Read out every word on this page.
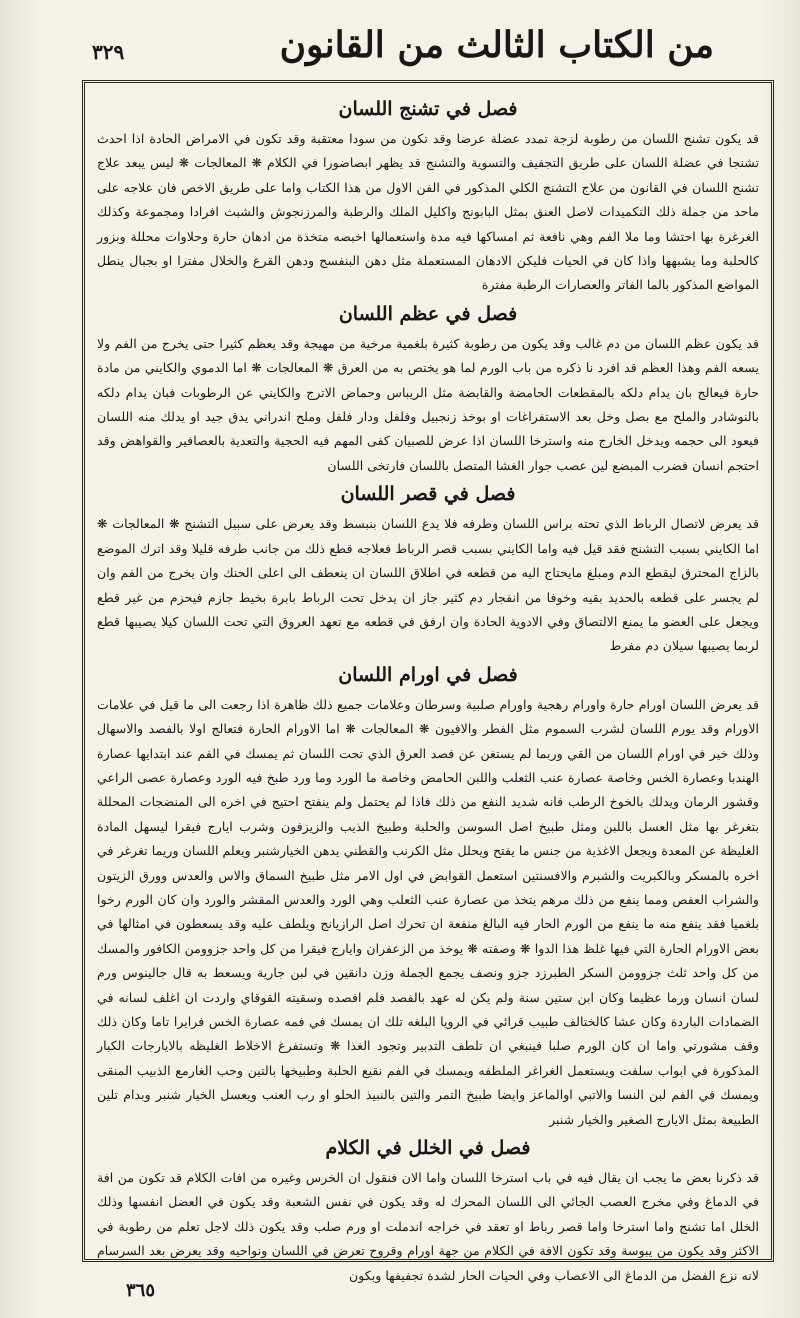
من الكتاب الثالث من القانون
٣٢٩
فصل في تشنج اللسان

قد يكون تشنج اللسان من رطوبة لزجة تمدد عضلة عرضا وقد تكون من سودا معتقبة وقد تكون في الامراض الحادة اذا احدث تشنجا في عضلة اللسان على طريق التجفيف والتسوية والتشنج قد يظهر ابصاضورا في الكلام ❋ المعالجات ❋ ليس يبعد علاج تشنج اللسان في القانون من علاج التشنج الكلي المذكور في الفن الاول من هذا الكتاب واما على طريق الاخص فان علاجه على ماحد من جملة ذلك التكميدات لاصل العنق بمثل البابونج واكليل الملك والرطبة والمرزنجوش والشبث افرادا ومجموعة وكذلك الغرغرة بها احتشا وما ملا الفم وهي نافعة ثم امساكها فيه مدة واستعمالها اخبصه متخذة من ادهان حارة وحلاوات محللة وبزور كالحلبة وما يشبهها واذا كان في الحيات فليكن الادهان المستعملة مثل دهن البنفسج ودهن القرع والخلال مفترا او بجبال ينطل المواضع المذكور بالما الفاتر والعصارات الرطبة مفترة

فصل في عظم اللسان

قد يكون عظم اللسان من دم غالب وقد يكون من رطوبة كثيرة بلغمية مرخية من مهيجة وقد يعظم كثيرا حتى يخرج من الفم ولا يسعه الفم وهذا العظم قد افرد نا ذكره من باب الورم لما هو يختص به من العرق ❋ المعالجات ❋ اما الدموي والكايني من مادة حارة فيعالج بان يدام دلكه بالمقطعات الحامضة والقابضة مثل الريباس وحماض الاترج والكايني عن الرطوبات فبان يدام دلكه بالنوشادر والملح مع بصل وخل بعد الاستفراغات او بوخذ زنجبيل وفلفل ودار فلفل وملح اندراني يدق جيد او يدلك منه اللسان فيعود الى حجمه ويدخل الخارج منه واسترخا اللسان اذا عرض للصبيان كفى المهم فيه الحجية والتعدية بالعصافير والقواهض وقد احتجم انسان فضرب المبضع لين عصب جوار الغشا المتصل باللسان فارتخى اللسان

فصل في قصر اللسان

قد يعرض لاتصال الرباط الذي تحته براس اللسان وطرفه فلا يدع اللسان بنبسط وقد يعرض على سبيل التشنج ❋ المعالجات ❋ اما الكايني بسبب التشنج فقد قيل فيه واما الكايني بسبب قصر الرباط فعلاجه قطع ذلك من جانب طرفه قليلا وقد اترك الموضع بالزاج المحترق ليقطع الدم ومبلغ مايحتاج اليه من قطعه في اطلاق اللسان ان ينعطف الى اعلى الحنك وان يخرج من الفم وان لم يجسر على قطعه بالحديد بقيه وخوفا من انفجار دم كثير جاز ان يدخل تحت الرباط بابرة بخيط جازم فيحزم من غير قطع ويجعل على العضو ما يمنع الالتصاق وفي الادوية الحادة وان ارفق في قطعه مع تعهد العروق التي تحت اللسان كيلا يصيبها قطع لربما يصيبها سيلان دم مفرط

فصل في اورام اللسان

قد يعرض اللسان اورام حارة واورام رهجية واورام صلبية وسرطان وعلامات جميع ذلك ظاهرة اذا رجعت الى ما قيل في علامات الاورام وقد يورم اللسان لشرب السموم مثل الفطر والافيون ❋ المعالجات ❋ اما الاورام الحارة فتعالج اولا بالفصد والاسهال وذلك خير في اورام اللسان من القي وربما لم يستغن عن فصد العرق الذي تحت اللسان ثم يمسك في الفم عند ابتدايها عصارة الهندبا وعصارة الخس وخاصة عصارة عنب الثعلب واللبن الحامض وخاصة ما الورد وما ورد طبخ فيه الورد وعصارة عصى الراعي وقشور الرمان ويدلك بالخوخ الرطب فانه شديد النفع من ذلك فاذا لم يحتمل ولم ينفتح احتيج في اخره الى المنضجات المحللة بتغرغر بها مثل العسل باللبن ومثل طبيخ اصل السوسن والحلبة وطبيخ الذيب والزيزفون وشرب ايارج فيقرا ليسهل المادة الغليظة عن المعدة ويجعل الاغذية من جنس ما يفتح ويحلل مثل الكرنب والقطني يدهن الخيارشنبر ويعلم اللسان وريما تغرغر في اخره بالمسكر وبالكبريت والشبرم والافسنتين استعمل القوابض في اول الامر مثل طبيخ السماق والاس والعدس وورق الزيتون والشراب العفص ومما ينفع من ذلك مرهم يتخذ من عصارة عنب الثعلب وهي الورد والعدس المقشر والورد وان كان الورم رخوا بلغميا فقد ينفع منه ما ينفع من الورم الحار فيه البالغ منفعة ان تحرك اصل الرازيانج ويلطف عليه وقد يسعطون في امثالها في بعض الاورام الحارة التي فيها غلظ هذا الدوا ❋ وصفته ❋ يوخذ من الزعفران وايارج فيقرا من كل واحد جزوومن الكافور والمسك من كل واحد ثلث جزوومن السكر الطبرزد جزو ونصف يجمع الجملة وزن دانقين في لبن جارية ويسعط به قال جالينوس ورم لسان انسان ورما عظيما وكان ابن ستين سنة ولم يكن له عهد بالفصد فلم افصده وسقيته القوقاي واردت ان اغلف لسانه في الضمادات الباردة وكان عشا كالختالف طبيب قرائي في الرويا البلغه تلك ان يمسك في فمه عصارة الخس فرايرا تاما وكان ذلك وقف مشورتي واما ان كان الورم صلبا فينبغي ان تلطف التدبير وتجود الغذا ❋ وتستفرغ الاخلاط الغليظه بالايارجات الكبار المذكورة في ابواب سلفت ويستعمل الغراغر الملطفه ويمسك في الفم نقيع الحلبة وطبيخها بالتين وحب الغارمع الذبيب المنقى ويمسك في الفم لبن النسا والاتبي اوالماعز وايضا طبيخ التمر والتين بالنبيذ الحلو او رب العنب ويعسل الخيار شنبر وبدام تلين الطبيعة بمثل الايارج الصغير والخيار شنبر

فصل في الخلل في الكلام

قد ذكرنا بعض ما يجب ان يقال فيه في باب استرخا اللسان واما الان فنقول ان الخرس وغيره من افات الكلام قد تكون من افة في الدماغ وفي مخرج العصب الجائي الى اللسان المحرك له وقد يكون في نفس الشعبة وقد يكون في العضل انفسها وذلك الخلل اما تشنج واما استرخا واما قصر رباط او تعقد في خراجه اندملت او ورم صلب وقد يكون ذلك لاجل تعلم من رطوبة في الاكثر وقد يكون من يبوسة وقد تكون الافة في الكلام من جهة اورام وقروح تعرض في اللسان ونواحيه وقد يعرض بعد السرسام لانه نزع الفضل من الدماغ الى الاعصاب وفي الحيات الحار لشدة تجفيفها وبكون

٣٦٥
